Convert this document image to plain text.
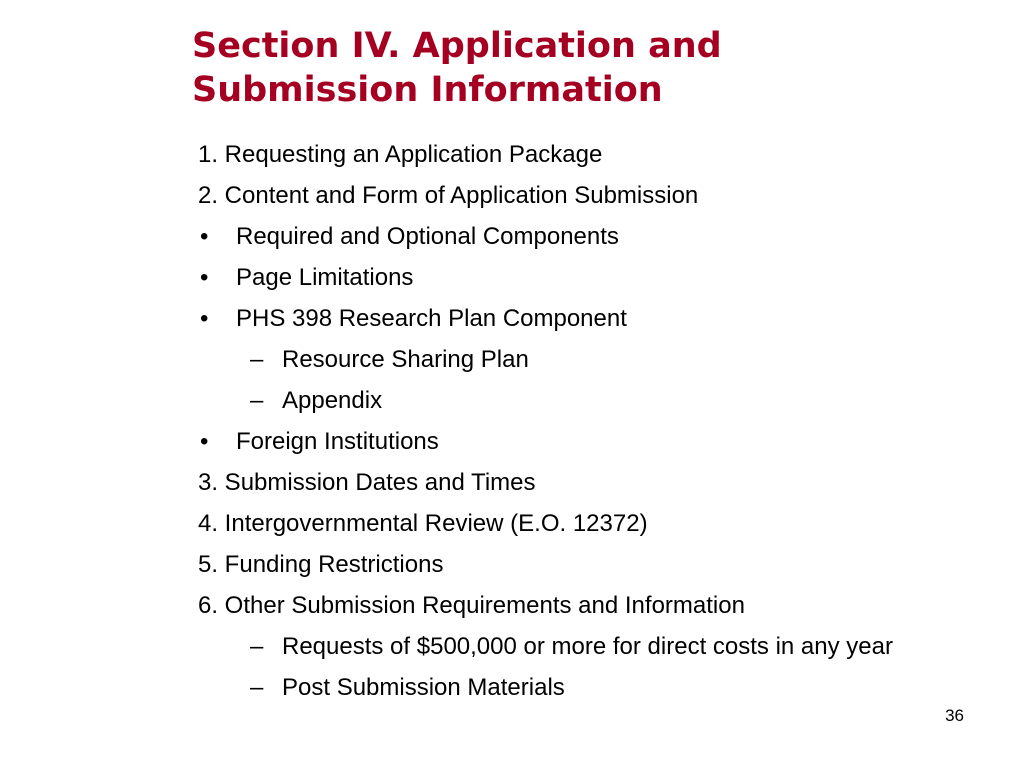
Section IV. Application and
Submission Information
1. Requesting an Application Package
2. Content and Form of Application Submission
• Required and Optional Components
• Page Limitations
• PHS 398 Research Plan Component
– Resource Sharing Plan
– Appendix
• Foreign Institutions
3. Submission Dates and Times
4. Intergovernmental Review (E.O. 12372)
5. Funding Restrictions
6. Other Submission Requirements and Information
– Requests of $500,000 or more for direct costs in any year
– Post Submission Materials
36
